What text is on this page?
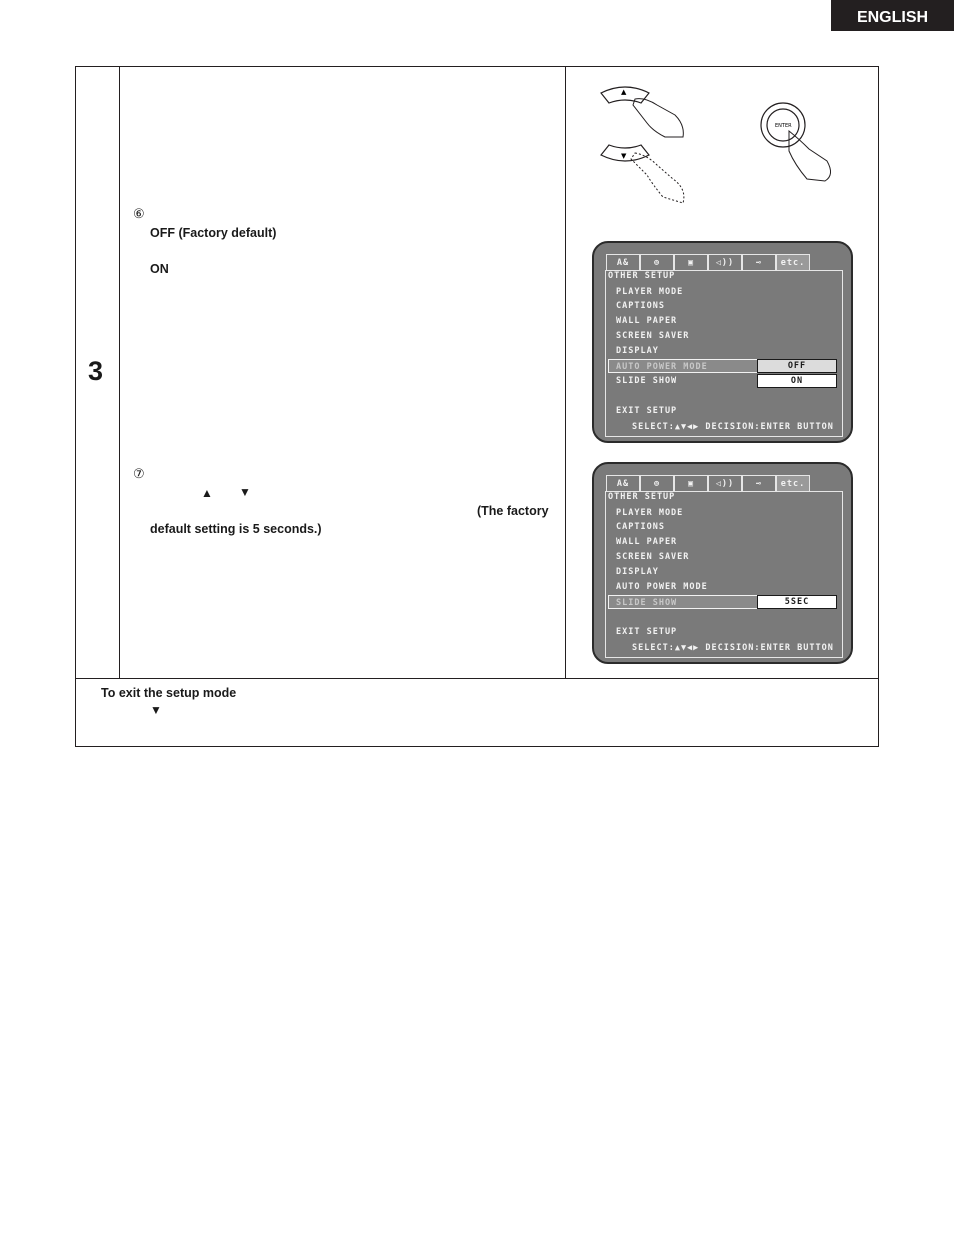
ENGLISH
3
⑥
OFF (Factory default)
ON
⑦
▲ ▼
(The factory
default setting is 5 seconds.)
To exit the setup mode
▼
▲
▼
ENTER
A&	⊚	▣	◁))	⊸ etc.
OTHER SETUP
PLAYER MODE
CAPTIONS
WALL PAPER
SCREEN SAVER
DISPLAY
AUTO POWER MODE
SLIDE SHOW
OFF
ON
EXIT SETUP
SELECT:▲▼◀▶ DECISION:ENTER BUTTON
A&	⊚	▣	◁))	⊸ etc.
OTHER SETUP
PLAYER MODE
CAPTIONS
WALL PAPER
SCREEN SAVER
DISPLAY
AUTO POWER MODE
SLIDE SHOW	5SEC
EXIT SETUP
SELECT:▲▼◀▶ DECISION:ENTER BUTTON
